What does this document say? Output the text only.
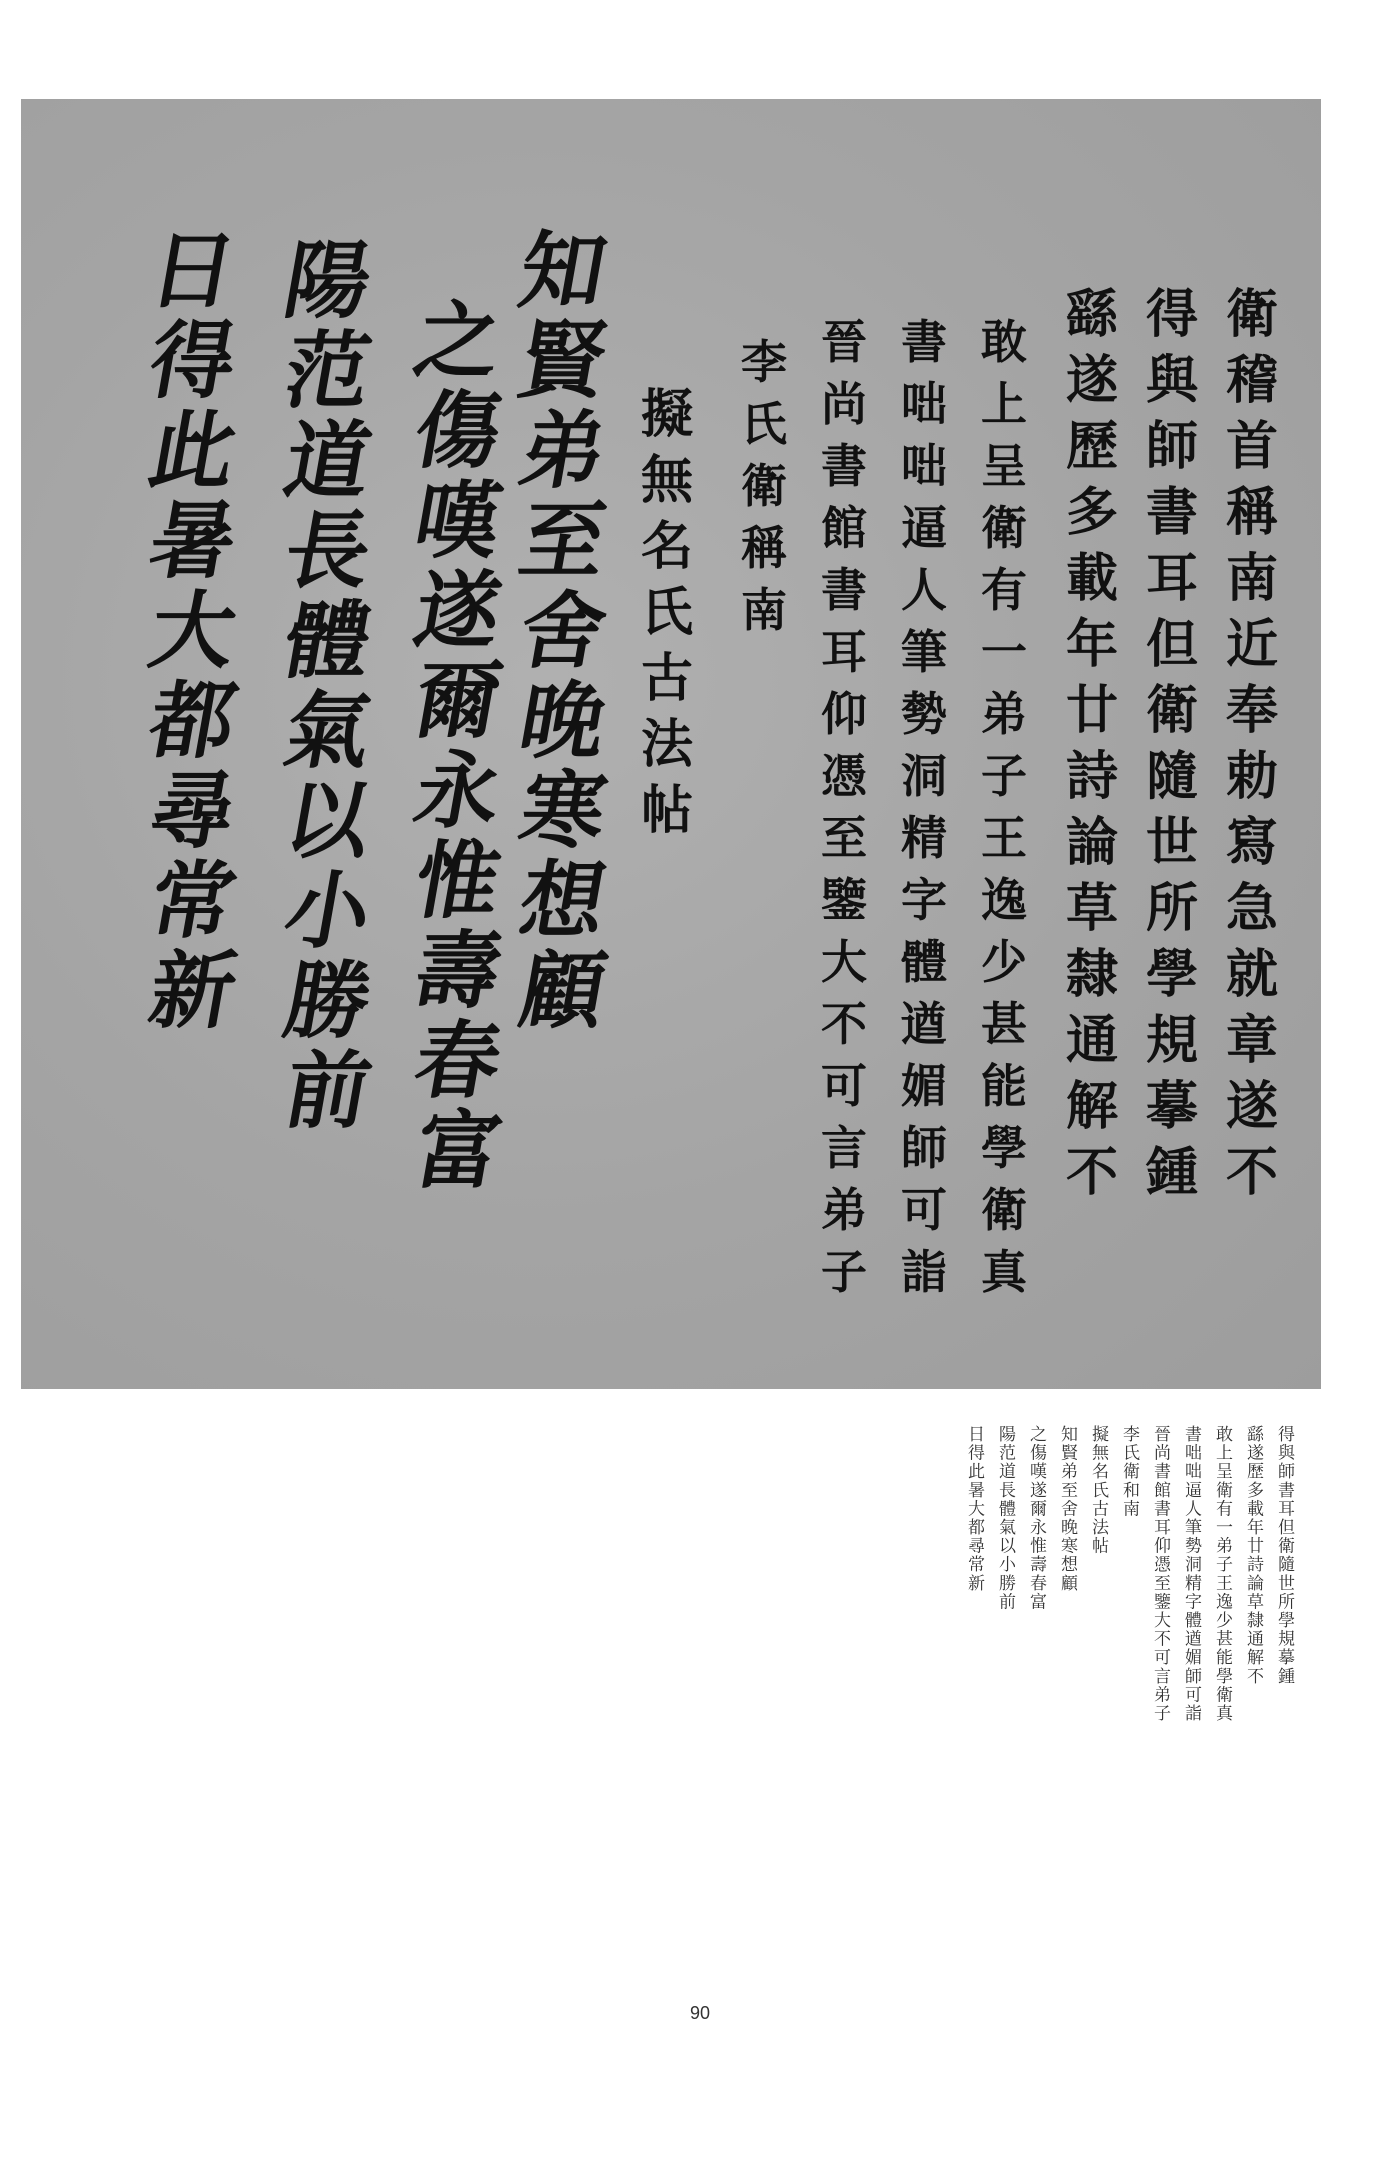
衛
稽
首
稱
南
近
奉
勅
寫
急
就
章
遂
不
得
與
師
書
耳
但
衛
隨
世
所
學
規
摹
鍾
繇
遂
歷
多
載
年
廿
詩
論
草
隸
通
解
不
敢
上
呈
衛
有
一
弟
子
王
逸
少
甚
能
學
衛
真
書
咄
咄
逼
人
筆
勢
洞
精
字
體
遒
媚
師
可
詣
晉
尚
書
館
書
耳
仰
憑
至
鑒
大
不
可
言
弟
子
李
氏
衛
稱
南
擬
無
名
氏
古
法
帖
知
賢
弟
至
舍
晚
寒
想
顧
之
傷
嘆
遂
爾
永
惟
壽
春
富
陽
范
道
長
體
氣
以
小
勝
前
日
得
此
暑
大
都
尋
常
新
得與師書耳但衛隨世所學規摹鍾
繇遂歷多載年廿詩論草隸通解不
敢上呈衛有一弟子王逸少甚能學衛真
書咄咄逼人筆勢洞精字體遒媚師可詣
晉尚書館書耳仰憑至鑒大不可言弟子
李氏衛和南
擬無名氏古法帖
知賢弟至舍晚寒想顧
之傷嘆遂爾永惟壽春富
陽范道長體氣以小勝前
日得此暑大都尋常新
90
